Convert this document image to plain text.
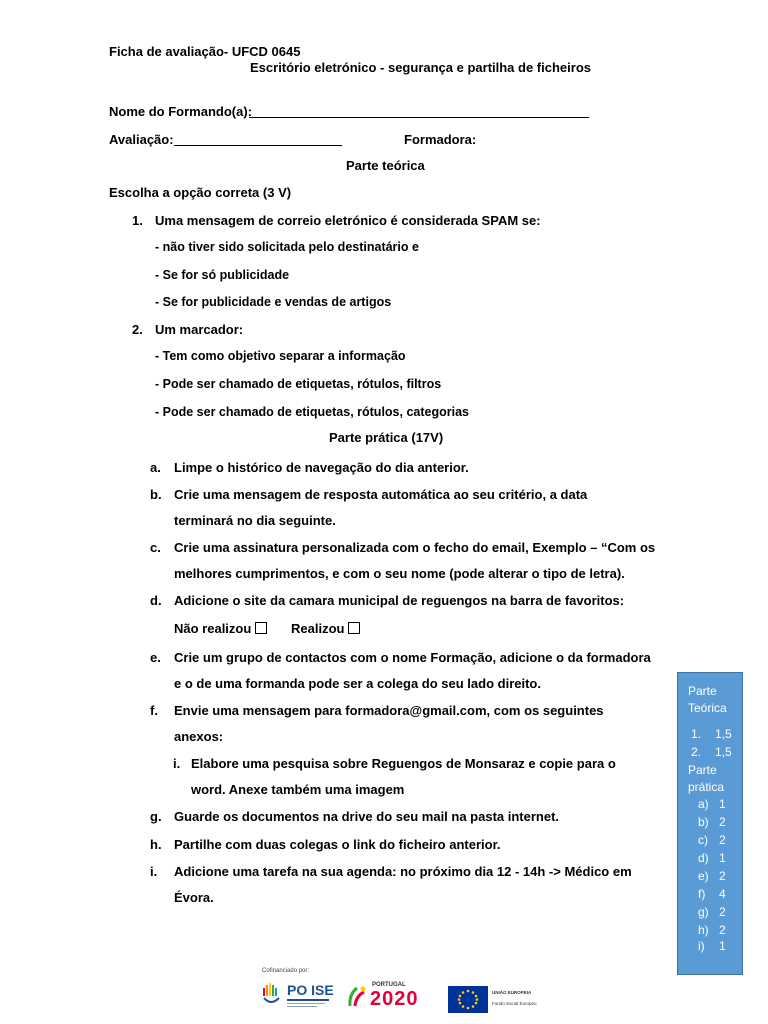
Ficha de avaliação- UFCD 0645
Escritório eletrónico - segurança e partilha de ficheiros
Nome do Formando(a):
Avaliação:	Formadora:
Parte teórica
Escolha a opção correta (3 V)
1. Uma mensagem de correio eletrónico é considerada SPAM se:
- não tiver sido solicitada pelo destinatário e
- Se for só publicidade
- Se for publicidade e vendas de artigos
2. Um marcador:
- Tem como objetivo separar a informação
- Pode ser chamado de etiquetas, rótulos, filtros
- Pode ser chamado de etiquetas, rótulos, categorias
Parte prática (17V)
a. Limpe o histórico de navegação do dia anterior.
b. Crie uma mensagem de resposta automática ao seu critério, a data
terminará no dia seguinte.
c. Crie uma assinatura personalizada com o fecho do email, Exemplo – “Com os
melhores cumprimentos, e com o seu nome (pode alterar o tipo de letra).
d. Adicione o site da camara municipal de reguengos na barra de favoritos:
Não realizou	Realizou
e. Crie um grupo de contactos com o nome Formação, adicione o da formadora
e o de uma formanda pode ser a colega do seu lado direito.
f. Envie uma mensagem para formadora@gmail.com, com os seguintes
anexos:
i. Elabore uma pesquisa sobre Reguengos de Monsaraz e copie para o
word. Anexe também uma imagem
g. Guarde os documentos na drive do seu mail na pasta internet.
h. Partilhe com duas colegas o link do ficheiro anterior.
i. Adicione uma tarefa na sua agenda: no próximo dia 12 - 14h -> Médico em
Évora.
Parte
Teórica
1. 1,5
2. 1,5
Parte
prática
a) 1
b) 2
c) 2
d) 1
e) 2
f) 4
g) 2
h) 2
i) 1
Cofinanciado por:
PO ISE	PORTUGAL
2020	UNIÃO EUROPEIA
Fundo Social Europeu
